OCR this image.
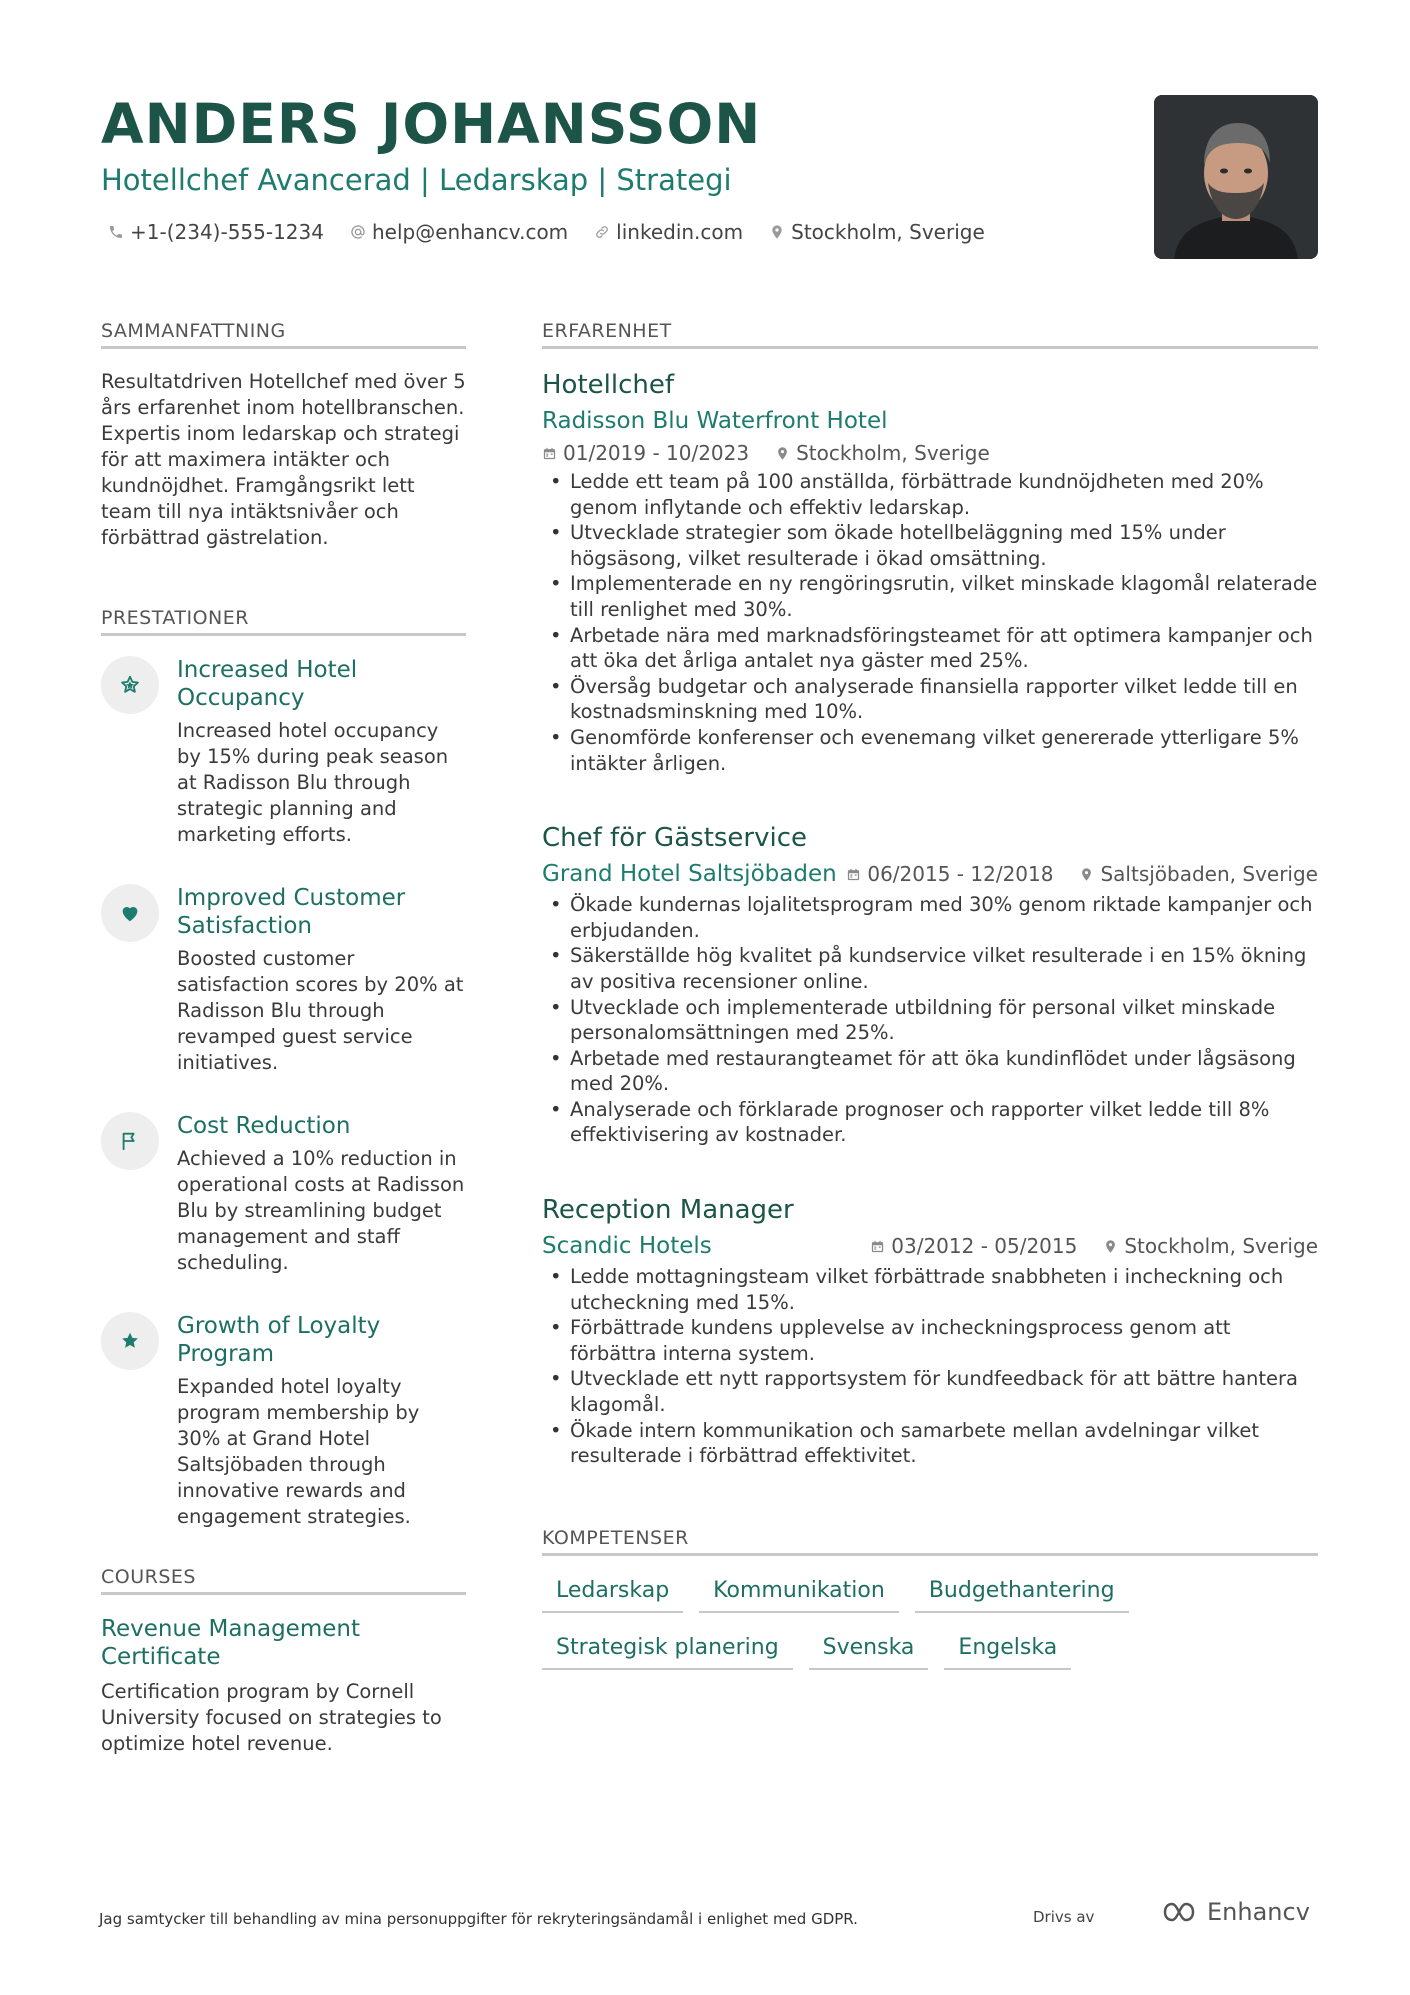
ANDERS JOHANSSON
Hotellchef Avancerad | Ledarskap | Strategi
+1-(234)-555-1234 help@enhancv.com linkedin.com Stockholm, Sverige
SAMMANFATTNING
Resultatdriven Hotellchef med över 5 års erfarenhet inom hotellbranschen. Expertis inom ledarskap och strategi för att maximera intäkter och kundnöjdhet. Framgångsrikt lett team till nya intäktsnivåer och förbättrad gästrelation.
PRESTATIONER
Increased Hotel Occupancy
Increased hotel occupancy by 15% during peak season at Radisson Blu through strategic planning and marketing efforts.
Improved Customer Satisfaction
Boosted customer satisfaction scores by 20% at Radisson Blu through revamped guest service initiatives.
Cost Reduction
Achieved a 10% reduction in operational costs at Radisson Blu by streamlining budget management and staff scheduling.
Growth of Loyalty Program
Expanded hotel loyalty program membership by 30% at Grand Hotel Saltsjöbaden through innovative rewards and engagement strategies.
COURSES
Revenue Management Certificate
Certification program by Cornell University focused on strategies to optimize hotel revenue.
ERFARENHET
Hotellchef
Radisson Blu Waterfront Hotel
01/2019 - 10/2023 Stockholm, Sverige
• Ledde ett team på 100 anställda, förbättrade kundnöjdheten med 20% genom inflytande och effektiv ledarskap.
• Utvecklade strategier som ökade hotellbeläggning med 15% under högsäsong, vilket resulterade i ökad omsättning.
• Implementerade en ny rengöringsrutin, vilket minskade klagomål relaterade till renlighet med 30%.
• Arbetade nära med marknadsföringsteamet för att optimera kampanjer och att öka det årliga antalet nya gäster med 25%.
• Översåg budgetar och analyserade finansiella rapporter vilket ledde till en kostnadsminskning med 10%.
• Genomförde konferenser och evenemang vilket genererade ytterligare 5% intäkter årligen.
Chef för Gästservice
Grand Hotel Saltsjöbaden 06/2015 - 12/2018 Saltsjöbaden, Sverige
• Ökade kundernas lojalitetsprogram med 30% genom riktade kampanjer och erbjudanden.
• Säkerställde hög kvalitet på kundservice vilket resulterade i en 15% ökning av positiva recensioner online.
• Utvecklade och implementerade utbildning för personal vilket minskade personalomsättningen med 25%.
• Arbetade med restaurangteamet för att öka kundinflödet under lågsäsong med 20%.
• Analyserade och förklarade prognoser och rapporter vilket ledde till 8% effektivisering av kostnader.
Reception Manager
Scandic Hotels	03/2012 - 05/2015 Stockholm, Sverige
• Ledde mottagningsteam vilket förbättrade snabbheten i incheckning och utcheckning med 15%.
• Förbättrade kundens upplevelse av incheckningsprocess genom att förbättra interna system.
• Utvecklade ett nytt rapportsystem för kundfeedback för att bättre hantera klagomål.
• Ökade intern kommunikation och samarbete mellan avdelningar vilket resulterade i förbättrad effektivitet.
KOMPETENSER
Ledarskap	Kommunikation	Budgethantering
Strategisk planering	Svenska	Engelska
Jag samtycker till behandling av mina personuppgifter för rekryteringsändamål i enlighet med GDPR.	Drivs av	Enhancv
